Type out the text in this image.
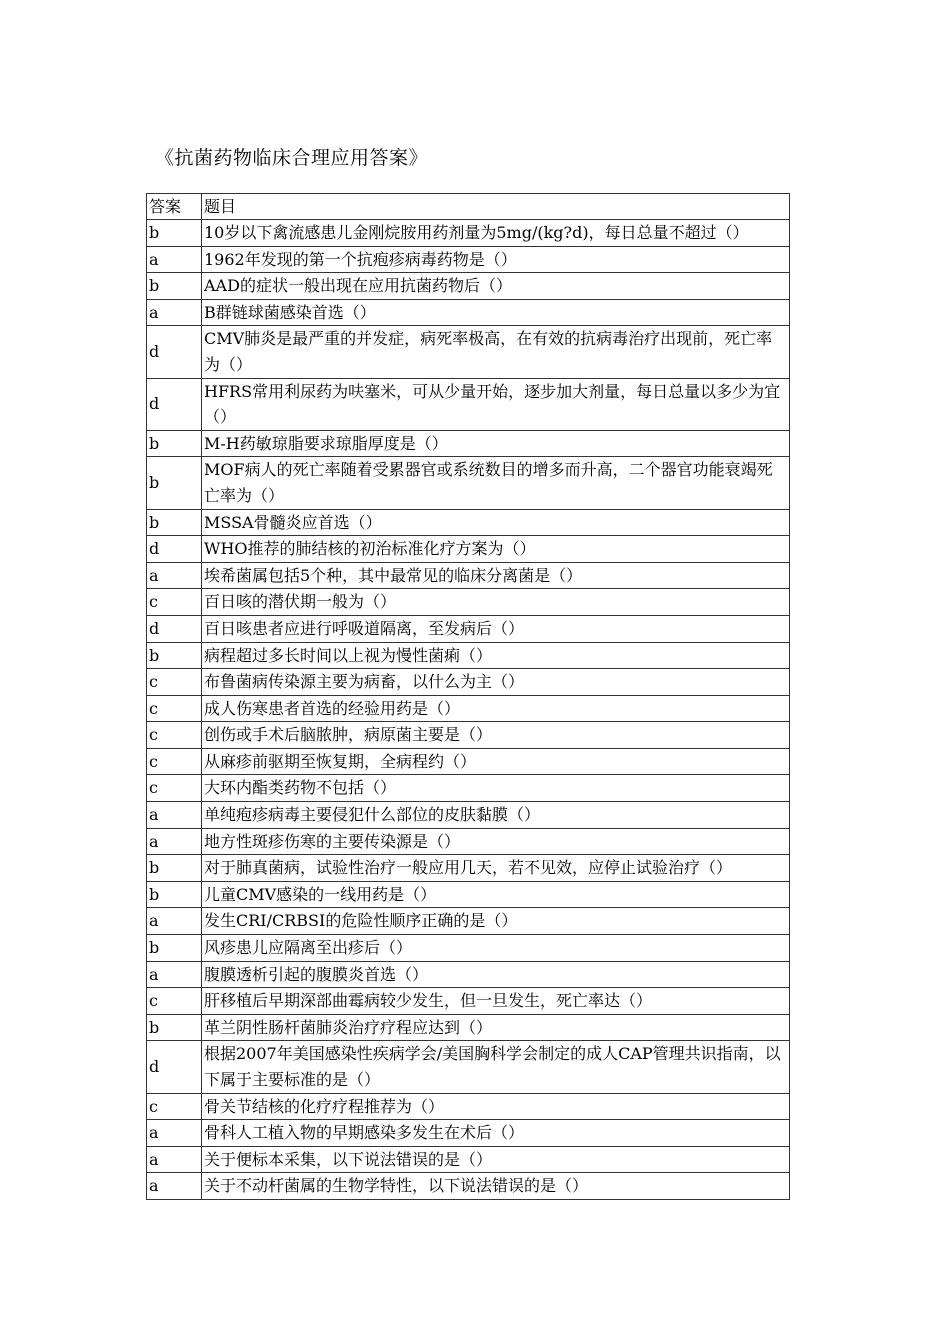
《抗菌药物临床合理应用答案》
答案	题目
b	10岁以下禽流感患儿金刚烷胺用药剂量为5mg/(kg?d)，每日总量不超过（）
a	1962年发现的第一个抗疱疹病毒药物是（）
b	AAD的症状一般出现在应用抗菌药物后（）
a	B群链球菌感染首选（）
d	CMV肺炎是最严重的并发症，病死率极高，在有效的抗病毒治疗出现前，死亡率为（）
d	HFRS常用利尿药为呋塞米，可从少量开始，逐步加大剂量，每日总量以多少为宜（）
b	M-H药敏琼脂要求琼脂厚度是（）
b	MOF病人的死亡率随着受累器官或系统数目的增多而升高，二个器官功能衰竭死亡率为（）
b	MSSA骨髓炎应首选（）
d	WHO推荐的肺结核的初治标准化疗方案为（）
a	埃希菌属包括5个种，其中最常见的临床分离菌是（）
c	百日咳的潜伏期一般为（）
d	百日咳患者应进行呼吸道隔离，至发病后（）
b	病程超过多长时间以上视为慢性菌痢（）
c	布鲁菌病传染源主要为病畜，以什么为主（）
c	成人伤寒患者首选的经验用药是（）
c	创伤或手术后脑脓肿，病原菌主要是（）
c	从麻疹前驱期至恢复期，全病程约（）
c	大环内酯类药物不包括（）
a	单纯疱疹病毒主要侵犯什么部位的皮肤黏膜（）
a	地方性斑疹伤寒的主要传染源是（）
b	对于肺真菌病，试验性治疗一般应用几天，若不见效，应停止试验治疗（）
b	儿童CMV感染的一线用药是（）
a	发生CRI/CRBSI的危险性顺序正确的是（）
b	风疹患儿应隔离至出疹后（）
a	腹膜透析引起的腹膜炎首选（）
c	肝移植后早期深部曲霉病较少发生，但一旦发生，死亡率达（）
b	革兰阴性肠杆菌肺炎治疗疗程应达到（）
d	根据2007年美国感染性疾病学会/美国胸科学会制定的成人CAP管理共识指南，以下属于主要标准的是（）
c	骨关节结核的化疗疗程推荐为（）
a	骨科人工植入物的早期感染多发生在术后（）
a	关于便标本采集，以下说法错误的是（）
a	关于不动杆菌属的生物学特性，以下说法错误的是（）
